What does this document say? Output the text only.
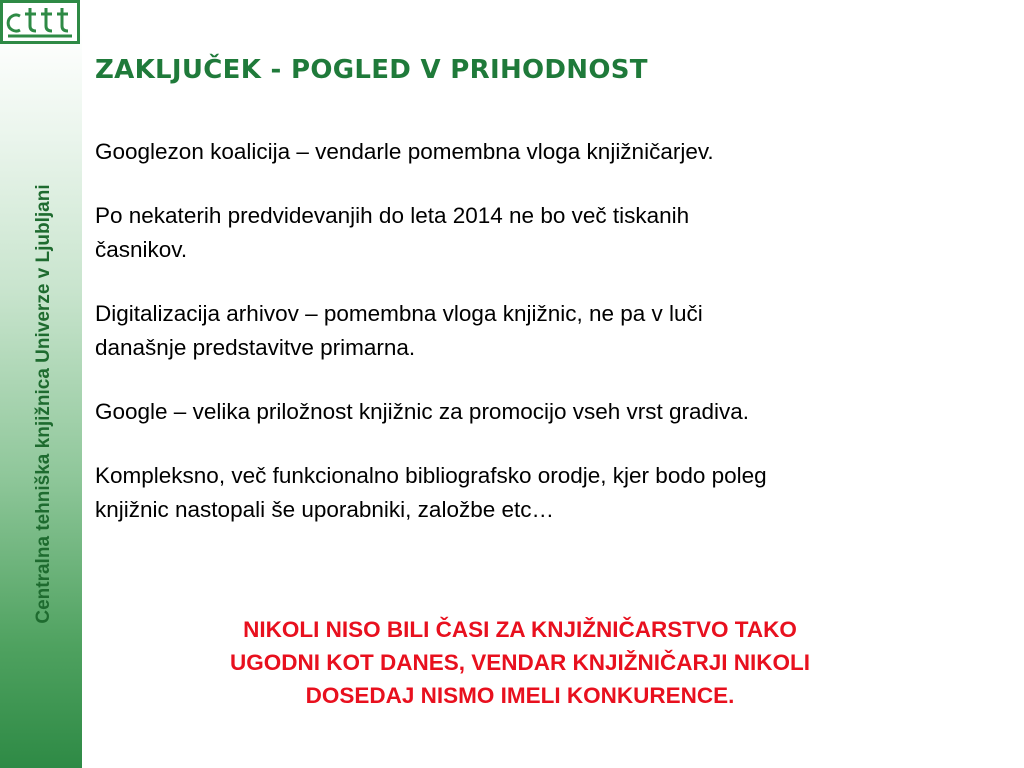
Centralna tehniška knjižnica Univerze v Ljubljani
ZAKLJUČEK - POGLED V PRIHODNOST

Googlezon koalicija – vendarle pomembna vloga knjižničarjev.

Po nekaterih predvidevanjih do leta 2014 ne bo več tiskanih
časnikov.

Digitalizacija arhivov – pomembna vloga knjižnic, ne pa v luči
današnje predstavitve primarna.

Google – velika priložnost knjižnic za promocijo vseh vrst gradiva.

Kompleksno, več funkcionalno bibliografsko orodje, kjer bodo poleg
knjižnic nastopali še uporabniki, založbe etc…

NIKOLI NISO BILI ČASI ZA KNJIŽNIČARSTVO TAKO
UGODNI KOT DANES, VENDAR KNJIŽNIČARJI NIKOLI
DOSEDAJ NISMO IMELI KONKURENCE.
